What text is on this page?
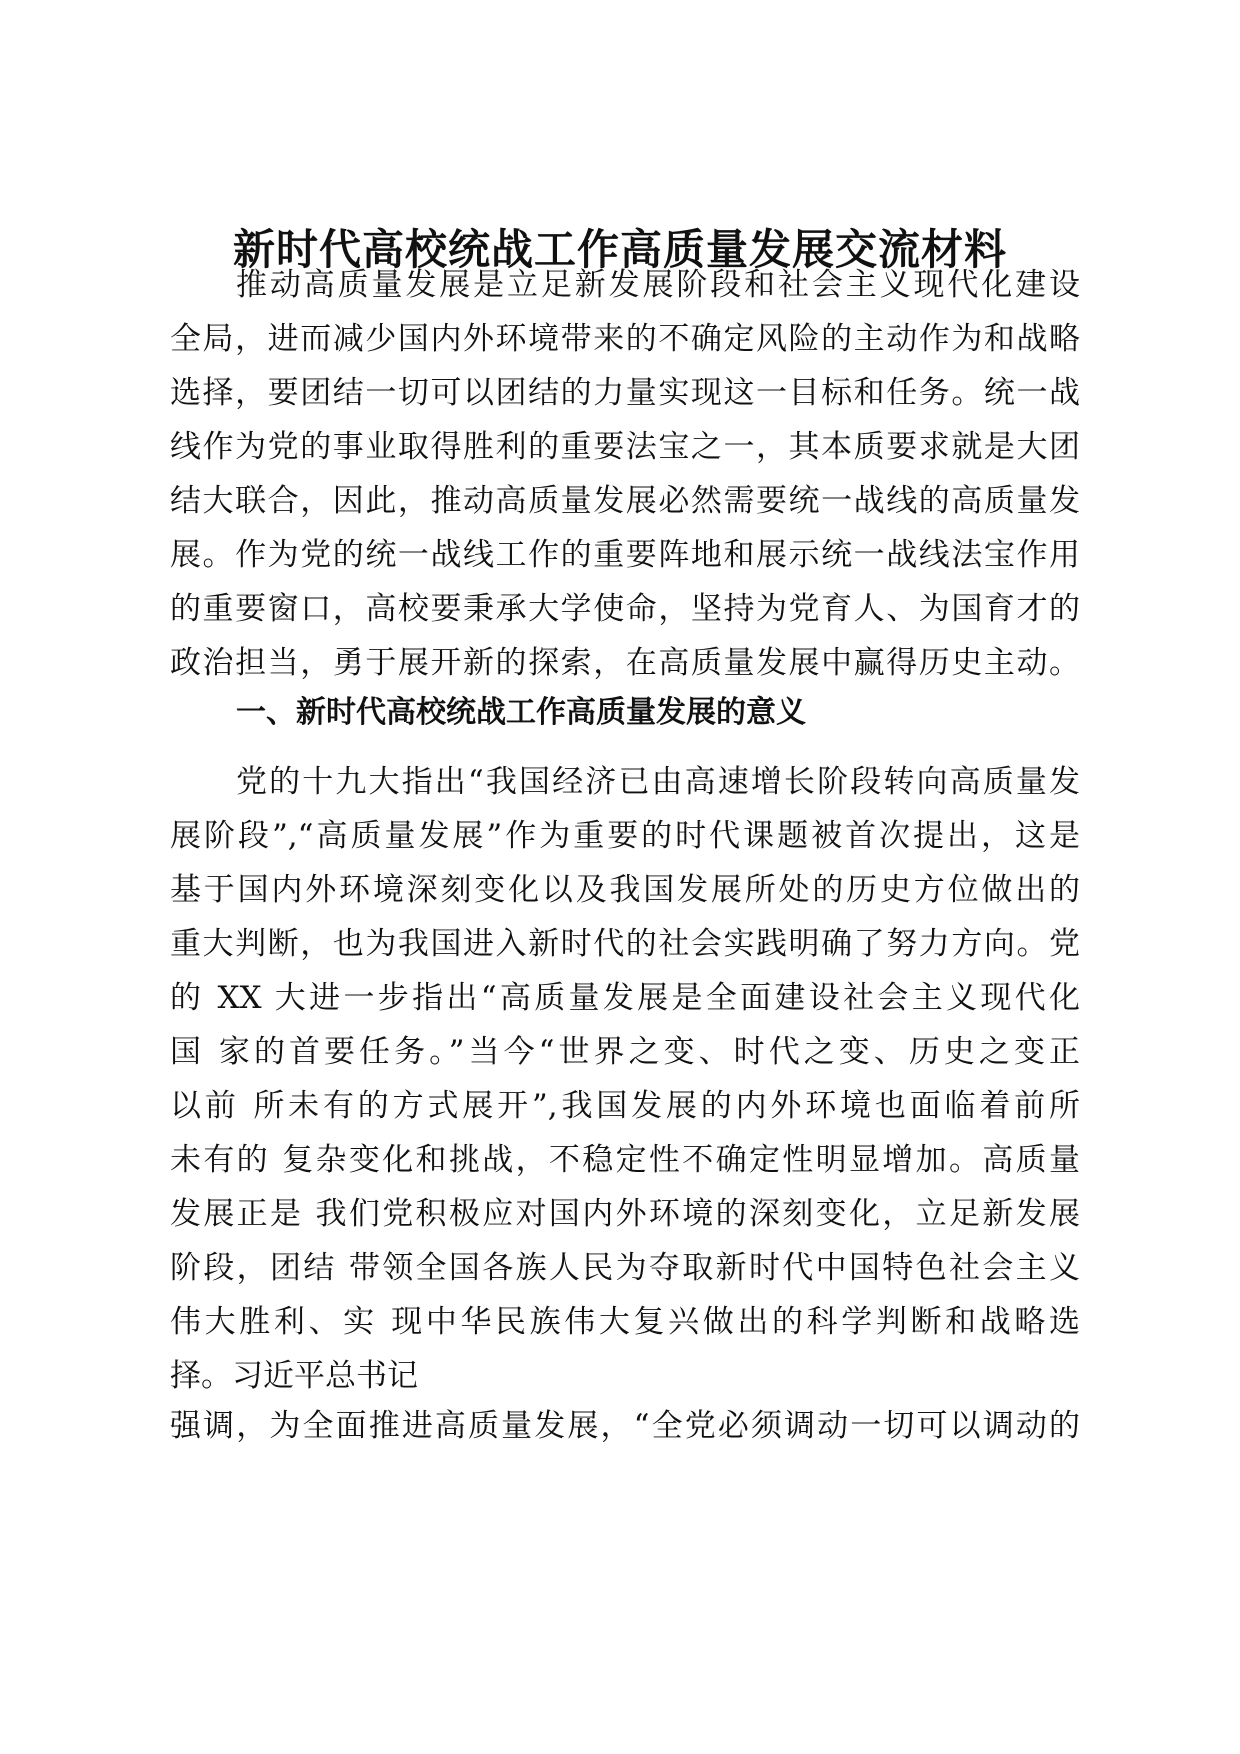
新时代高校统战工作高质量发展交流材料
推动高质量发展是立足新发展阶段和社会主义现代化建设
全局，进而减少国内外环境带来的不确定风险的主动作为和战略
选择，要团结一切可以团结的力量实现这一目标和任务。统一战
线作为党的事业取得胜利的重要法宝之一，其本质要求就是大团
结大联合，因此，推动高质量发展必然需要统一战线的高质量发
展。作为党的统一战线工作的重要阵地和展示统一战线法宝作用
的重要窗口，高校要秉承大学使命，坚持为党育人、为国育才的
政治担当，勇于展开新的探索，在高质量发展中赢得历史主动。
一、新时代高校统战工作高质量发展的意义
党的十九大指出“我国经济已由高速增长阶段转向高质量发
展阶段”,“高质量发展”作为重要的时代课题被首次提出，这是
基于国内外环境深刻变化以及我国发展所处的历史方位做出的
重大判断，也为我国进入新时代的社会实践明确了努力方向。党
的 XX 大进一步指出“高质量发展是全面建设社会主义现代化
国 家的首要任务。”当今“世界之变、时代之变、历史之变正
以前 所未有的方式展开”,我国发展的内外环境也面临着前所
未有的 复杂变化和挑战，不稳定性不确定性明显增加。高质量
发展正是 我们党积极应对国内外环境的深刻变化，立足新发展
阶段，团结 带领全国各族人民为夺取新时代中国特色社会主义
伟大胜利、实 现中华民族伟大复兴做出的科学判断和战略选
择。习近平总书记
强调，为全面推进高质量发展，“全党必须调动一切可以调动的
